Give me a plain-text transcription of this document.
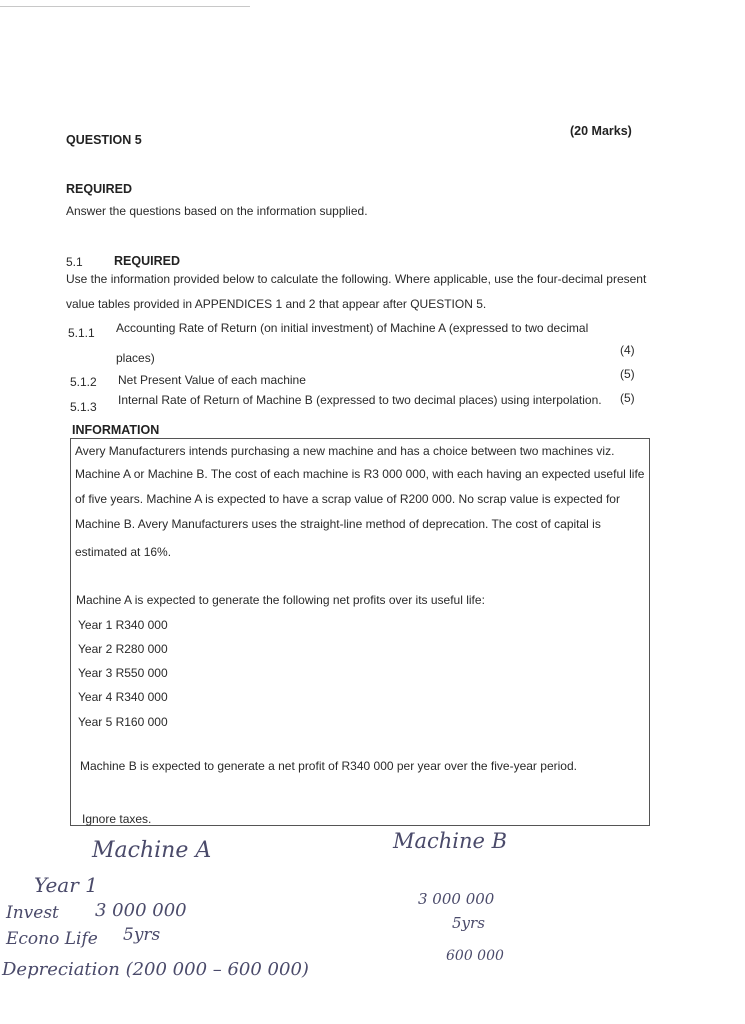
QUESTION 5
(20 Marks)
REQUIRED
Answer the questions based on the information supplied.
5.1	REQUIRED
Use the information provided below to calculate the following. Where applicable, use the four-decimal present
value tables provided in APPENDICES 1 and 2 that appear after QUESTION 5.
5.1.1 Accounting Rate of Return (on initial investment) of Machine A (expressed to two decimal
places)
(4)
5.1.2 Net Present Value of each machine	(5)
5.1.3 Internal Rate of Return of Machine B (expressed to two decimal places) using interpolation. (5)
INFORMATION
Avery Manufacturers intends purchasing a new machine and has a choice between two machines viz.
Machine A or Machine B. The cost of each machine is R3 000 000, with each having an expected useful life
of five years. Machine A is expected to have a scrap value of R200 000. No scrap value is expected for
Machine B. Avery Manufacturers uses the straight-line method of deprecation. The cost of capital is
estimated at 16%.
Machine A is expected to generate the following net profits over its useful life:
Year 1 R340 000
Year 2 R280 000
Year 3 R550 000
Year 4 R340 000
Year 5 R160 000
Machine B is expected to generate a net profit of R340 000 per year over the five-year period.
Ignore taxes.
Machine A	Machine B
Year 1
Invest 3 000 000
Econo Life 5yrs
Depreciation (200 000 – 600 000)
3 000 000
5yrs
600 000
